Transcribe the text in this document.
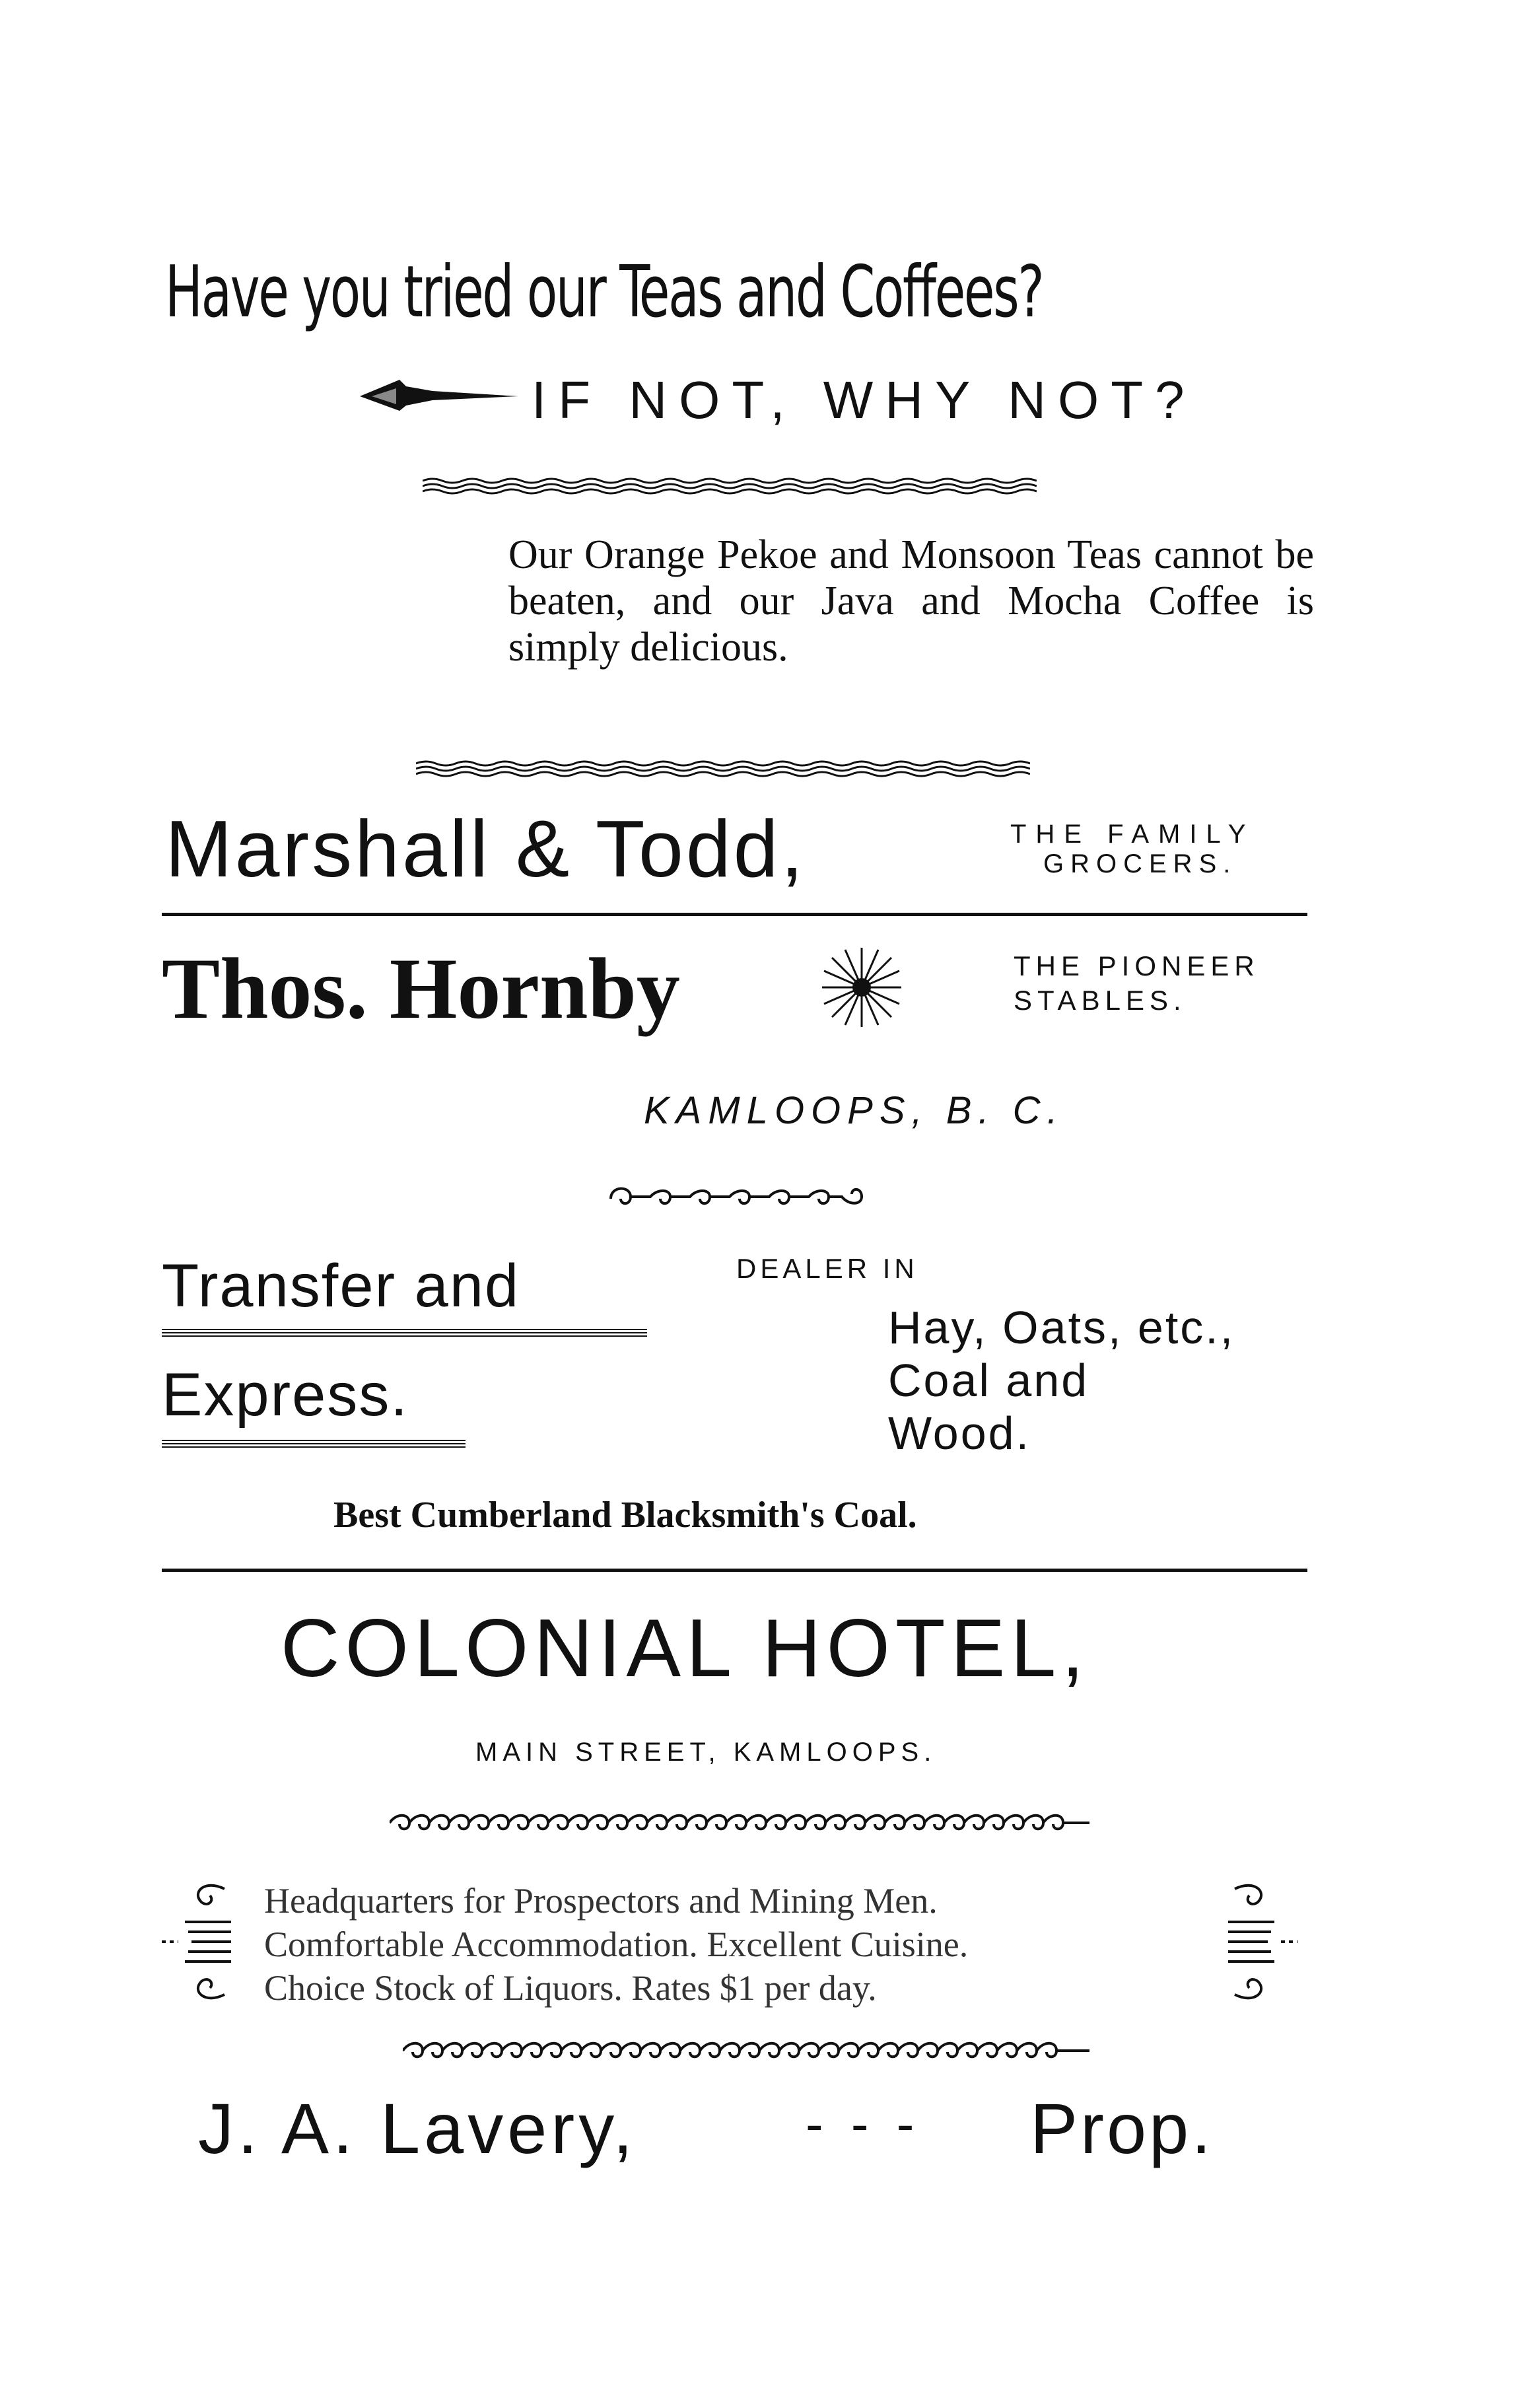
Have you tried our Teas and Coffees?
IF NOT, WHY NOT?
Our Orange Pekoe and Monsoon Teas cannot be beaten, and our Java and Mocha Coffee is simply delicious.
Marshall & Todd,	THE FAMILY
GROCERS.
Thos. Hornby	THE PIONEER
STABLES.
KAMLOOPS, B. C.
Transfer and
Express.
DEALER IN
Hay, Oats, etc.,
Coal and
Wood.
Best Cumberland Blacksmith's Coal.
COLONIAL HOTEL,
MAIN STREET, KAMLOOPS.
Headquarters for Prospectors and Mining Men.
Comfortable Accommodation. Excellent Cuisine.
Choice Stock of Liquors. Rates $1 per day.
J. A. Lavery,	- - - Prop.
